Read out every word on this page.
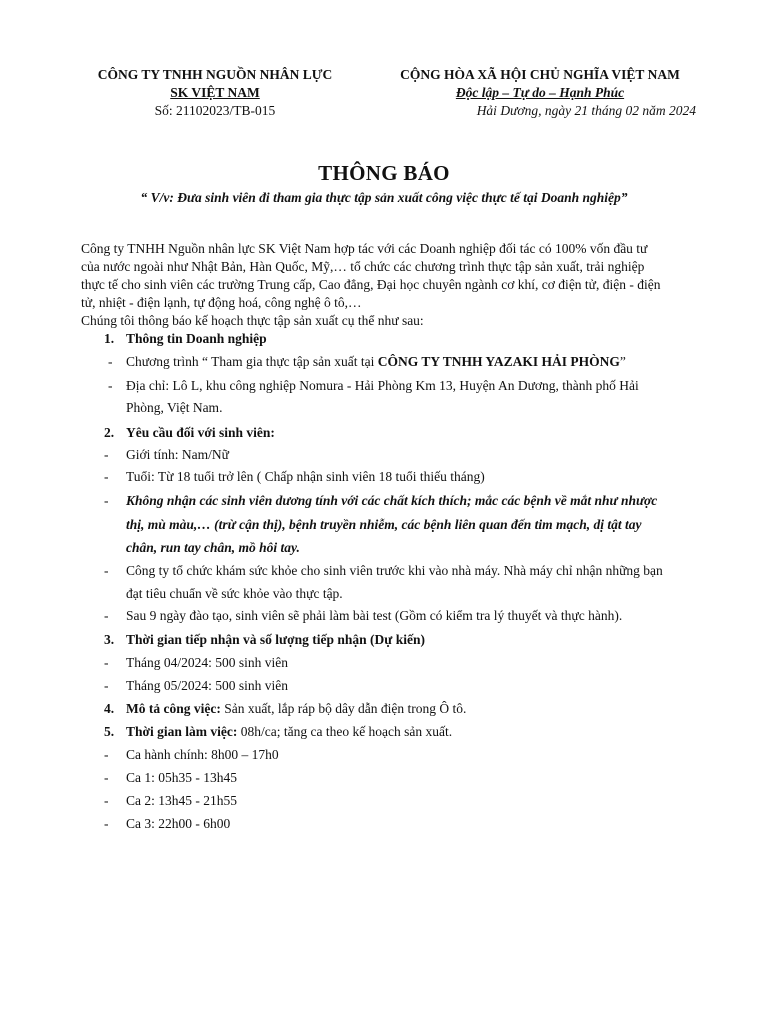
CÔNG TY TNHH NGUỒN NHÂN LỰC
SK VIỆT NAM
Số: 21102023/TB-015
CỘNG HÒA XÃ HỘI CHỦ NGHĨA VIỆT NAM
Độc lập – Tự do – Hạnh Phúc
Hải Dương, ngày 21 tháng 02 năm 2024
THÔNG BÁO
“ V/v: Đưa sinh viên đi tham gia thực tập sản xuất công việc thực tế tại Doanh nghiệp”

Công ty TNHH Nguồn nhân lực SK Việt Nam hợp tác với các Doanh nghiệp đối tác có 100% vốn đầu tư

của nước ngoài như Nhật Bản, Hàn Quốc, Mỹ,… tổ chức các chương trình thực tập sản xuất, trải nghiệp

thực tế cho sinh viên các trường Trung cấp, Cao đẳng, Đại học chuyên ngành cơ khí, cơ điện tử, điện - điện

tử, nhiệt - điện lạnh, tự động hoá, công nghệ ô tô,…

Chúng tôi thông báo kế hoạch thực tập sản xuất cụ thể như sau:

1. Thông tin Doanh nghiệp
- Chương trình “ Tham gia thực tập sản xuất tại CÔNG TY TNHH YAZAKI HẢI PHÒNG”
- Địa chỉ: Lô L, khu công nghiệp Nomura - Hải Phòng Km 13, Huyện An Dương, thành phố Hải
Phòng, Việt Nam.
2. Yêu cầu đối với sinh viên:
- Giới tính: Nam/Nữ
- Tuổi: Từ 18 tuổi trở lên ( Chấp nhận sinh viên 18 tuổi thiếu tháng)
- Không nhận các sinh viên dương tính với các chất kích thích; mắc các bệnh về mắt như nhược
thị, mù màu,… (trừ cận thị), bệnh truyền nhiễm, các bệnh liên quan đến tim mạch, dị tật tay
chân, run tay chân, mồ hôi tay.
- Công ty tổ chức khám sức khỏe cho sinh viên trước khi vào nhà máy. Nhà máy chỉ nhận những bạn
đạt tiêu chuẩn về sức khỏe vào thực tập.
- Sau 9 ngày đào tạo, sinh viên sẽ phải làm bài test (Gồm có kiểm tra lý thuyết và thực hành).
3. Thời gian tiếp nhận và số lượng tiếp nhận (Dự kiến)
- Tháng 04/2024: 500 sinh viên
- Tháng 05/2024: 500 sinh viên
4. Mô tả công việc: Sản xuất, lắp ráp bộ dây dẫn điện trong Ô tô.
5. Thời gian làm việc: 08h/ca; tăng ca theo kế hoạch sản xuất.
- Ca hành chính: 8h00 – 17h0
- Ca 1: 05h35 - 13h45
- Ca 2: 13h45 - 21h55
- Ca 3: 22h00 - 6h00
